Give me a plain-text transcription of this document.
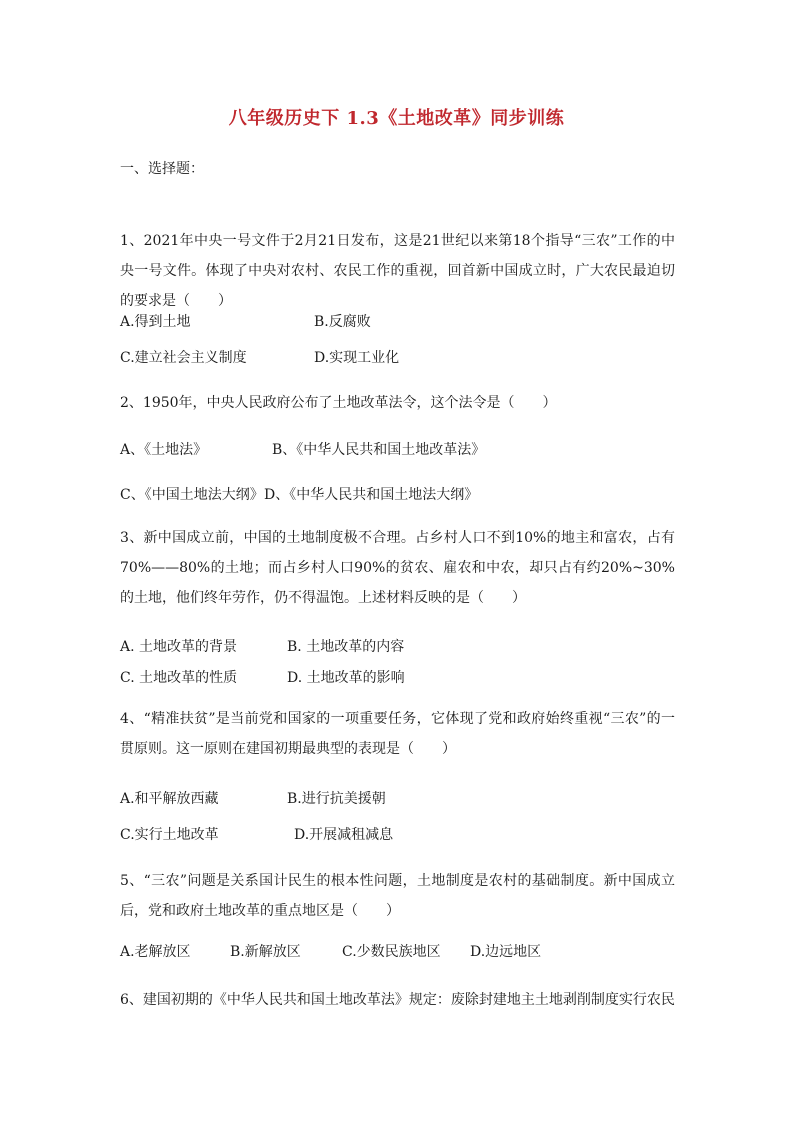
八年级历史下 1.3《土地改革》同步训练
一、选择题：
1、2021年中央一号文件于2月21日发布，这是21世纪以来第18个指导“三农”工作的中央一号文件。体现了中央对农村、农民工作的重视，回首新中国成立时，广大农民最迫切的要求是（　　）
A.得到土地	B.反腐败
C.建立社会主义制度	D.实现工业化
2、1950年，中央人民政府公布了土地改革法令，这个法令是（　　）
A、《土地法》	B、《中华人民共和国土地改革法》
C、《中国土地法大纲》 D、《中华人民共和国土地法大纲》
3、新中国成立前，中国的土地制度极不合理。占乡村人口不到10%的地主和富农，占有70%——80%的土地；而占乡村人口90%的贫农、雇农和中农，却只占有约20%~30%的土地，他们终年劳作，仍不得温饱。上述材料反映的是（　　）
A. 土地改革的背景	B. 土地改革的内容
C. 土地改革的性质	D. 土地改革的影响
4、“精准扶贫”是当前党和国家的一项重要任务，它体现了党和政府始终重视“三农”的一贯原则。这一原则在建国初期最典型的表现是（　　）
A.和平解放西藏	B.进行抗美援朝
C.实行土地改革	D.开展减租减息
5、“三农”问题是关系国计民生的根本性问题，土地制度是农村的基础制度。新中国成立后，党和政府土地改革的重点地区是（　　）
A.老解放区	B.新解放区	C.少数民族地区 D.边远地区
6、建国初期的《中华人民共和国土地改革法》规定：废除封建地主土地剥削制度实行农民
